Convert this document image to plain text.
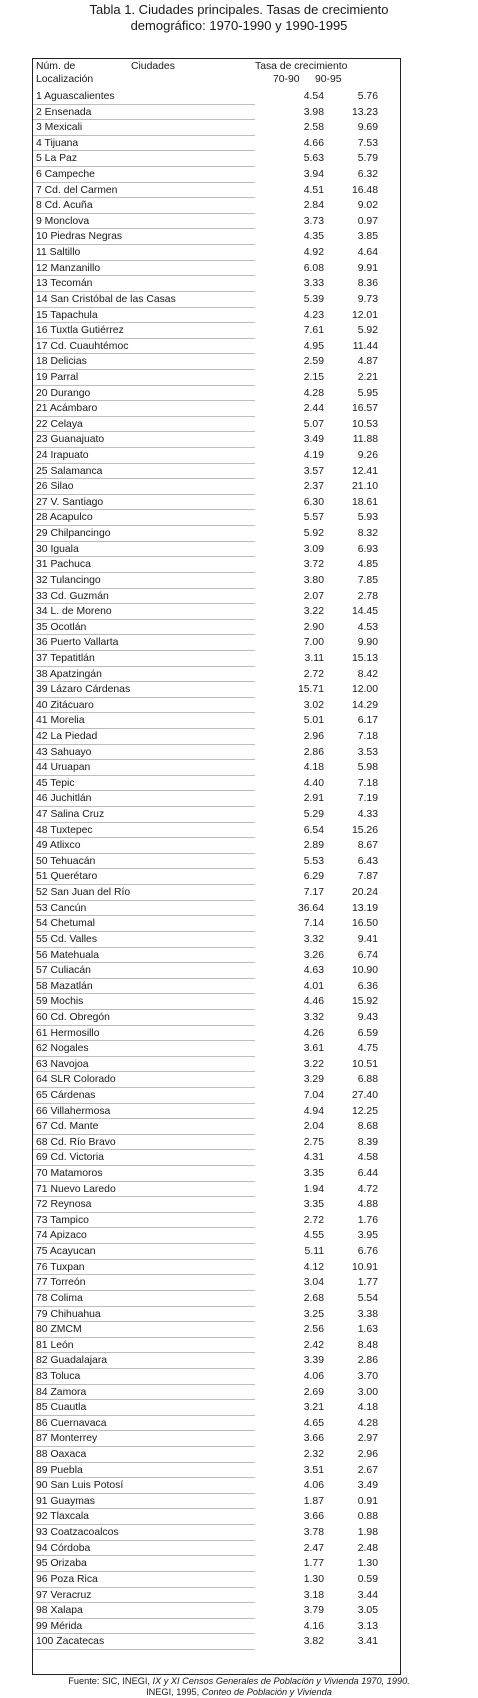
Tabla 1. Ciudades principales. Tasas de crecimiento
demográfico: 1970-1990 y 1990-1995
Núm. de	Ciudades	Tasa de crecimiento
Localización	70-90 90-95
1 Aguascalientes	4.54	5.76
2 Ensenada	3.98	13.23
3 Mexicali	2.58	9.69
4 Tijuana	4.66	7.53
5 La Paz	5.63	5.79
6 Campeche	3.94	6.32
7 Cd. del Carmen	4.51	16.48
8 Cd. Acuña	2.84	9.02
9 Monclova	3.73	0.97
10 Piedras Negras	4.35	3.85
11 Saltillo	4.92	4.64
12 Manzanillo	6.08	9.91
13 Tecomán	3.33	8.36
14 San Cristóbal de las Casas	5.39	9.73
15 Tapachula	4.23	12.01
16 Tuxtla Gutiérrez	7.61	5.92
17 Cd. Cuauhtémoc	4.95	11.44
18 Delicias	2.59	4.87
19 Parral	2.15	2.21
20 Durango	4.28	5.95
21 Acámbaro	2.44	16.57
22 Celaya	5.07	10.53
23 Guanajuato	3.49	11.88
24 Irapuato	4.19	9.26
25 Salamanca	3.57	12.41
26 Silao	2.37	21.10
27 V. Santiago	6.30	18.61
28 Acapulco	5.57	5.93
29 Chilpancingo	5.92	8.32
30 Iguala	3.09	6.93
31 Pachuca	3.72	4.85
32 Tulancingo	3.80	7.85
33 Cd. Guzmán	2.07	2.78
34 L. de Moreno	3.22	14.45
35 Ocotlán	2.90	4.53
36 Puerto Vallarta	7.00	9.90
37 Tepatitlán	3.11	15.13
38 Apatzingán	2.72	8.42
39 Lázaro Cárdenas	15.71	12.00
40 Zitácuaro	3.02	14.29
41 Morelia	5.01	6.17
42 La Piedad	2.96	7.18
43 Sahuayo	2.86	3.53
44 Uruapan	4.18	5.98
45 Tepic	4.40	7.18
46 Juchitlán	2.91	7.19
47 Salina Cruz	5.29	4.33
48 Tuxtepec	6.54	15.26
49 Atlixco	2.89	8.67
50 Tehuacán	5.53	6.43
51 Querétaro	6.29	7.87
52 San Juan del Río	7.17	20.24
53 Cancún	36.64	13.19
54 Chetumal	7.14	16.50
55 Cd. Valles	3.32	9.41
56 Matehuala	3.26	6.74
57 Culiacán	4.63	10.90
58 Mazatlán	4.01	6.36
59 Mochis	4.46	15.92
60 Cd. Obregón	3.32	9.43
61 Hermosillo	4.26	6.59
62 Nogales	3.61	4.75
63 Navojoa	3.22	10.51
64 SLR Colorado	3.29	6.88
65 Cárdenas	7.04	27.40
66 Villahermosa	4.94	12.25
67 Cd. Mante	2.04	8.68
68 Cd. Río Bravo	2.75	8.39
69 Cd. Victoria	4.31	4.58
70 Matamoros	3.35	6.44
71 Nuevo Laredo	1.94	4.72
72 Reynosa	3.35	4.88
73 Tampico	2.72	1.76
74 Apizaco	4.55	3.95
75 Acayucan	5.11	6.76
76 Tuxpan	4.12	10.91
77 Torreón	3.04	1.77
78 Colima	2.68	5.54
79 Chihuahua	3.25	3.38
80 ZMCM	2.56	1.63
81 León	2.42	8.48
82 Guadalajara	3.39	2.86
83 Toluca	4.06	3.70
84 Zamora	2.69	3.00
85 Cuautla	3.21	4.18
86 Cuernavaca	4.65	4.28
87 Monterrey	3.66	2.97
88 Oaxaca	2.32	2.96
89 Puebla	3.51	2.67
90 San Luis Potosí	4.06	3.49
91 Guaymas	1.87	0.91
92 Tlaxcala	3.66	0.88
93 Coatzacoalcos	3.78	1.98
94 Córdoba	2.47	2.48
95 Orizaba	1.77	1.30
96 Poza Rica	1.30	0.59
97 Veracruz	3.18	3.44
98 Xalapa	3.79	3.05
99 Mérida	4.16	3.13
100 Zacatecas	3.82	3.41
Fuente: SIC, INEGI, IX y XI Censos Generales de Población y Vivienda 1970, 1990.
INEGI, 1995, Conteo de Población y Vivienda
